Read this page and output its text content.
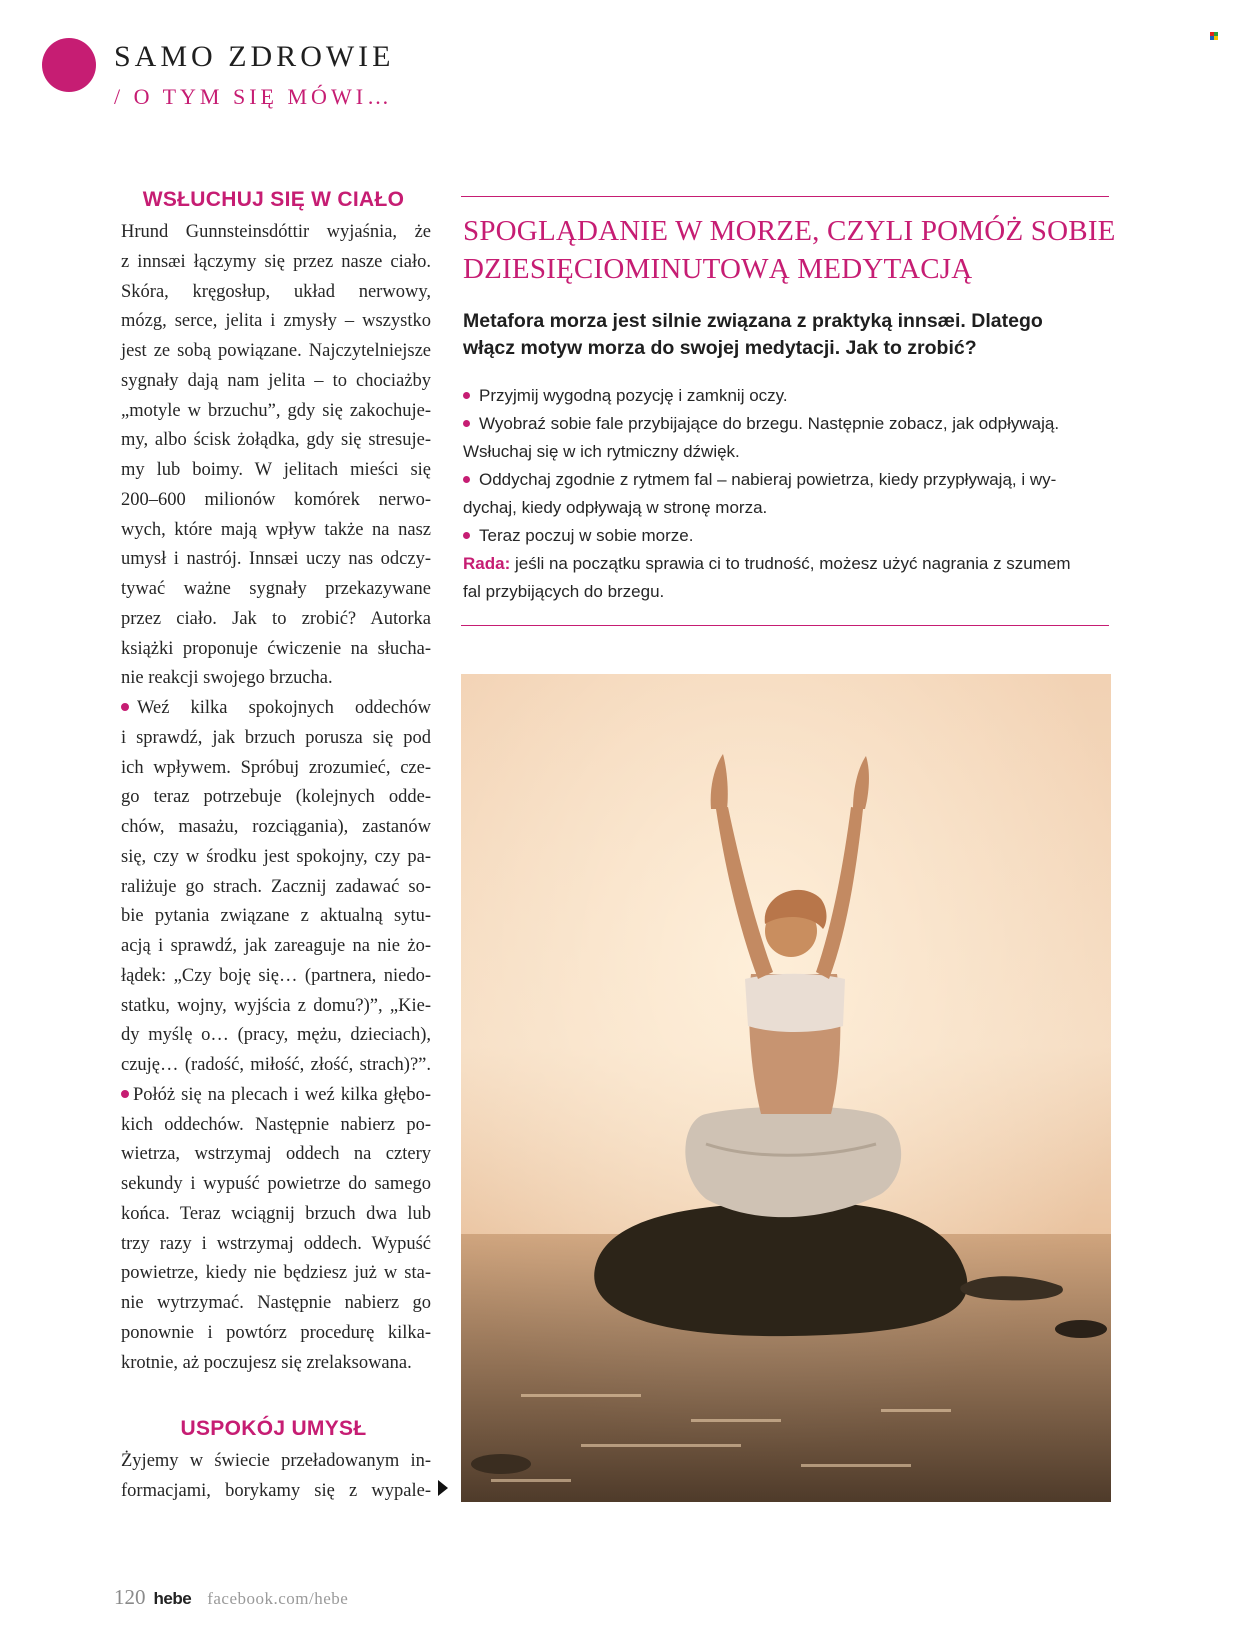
SAMO ZDROWIE
/ O TYM SIĘ MÓWI…
WSŁUCHUJ SIĘ W CIAŁO
Hrund Gunnsteinsdóttir wyjaśnia, że
z innsæi łączymy się przez nasze ciało.
Skóra, kręgosłup, układ nerwowy,
mózg, serce, jelita i zmysły – wszystko
jest ze sobą powiązane. Najczytelniejsze
sygnały dają nam jelita – to chociażby
„motyle w brzuchu”, gdy się zakochuje-
my, albo ścisk żołądka, gdy się stresuje-
my lub boimy. W jelitach mieści się
200–600 milionów komórek nerwo-
wych, które mają wpływ także na nasz
umysł i nastrój. Innsæi uczy nas odczy-
tywać ważne sygnały przekazywane
przez ciało. Jak to zrobić? Autorka
książki proponuje ćwiczenie na słucha-
nie reakcji swojego brzucha.
Weź kilka spokojnych oddechów
i sprawdź, jak brzuch porusza się pod
ich wpływem. Spróbuj zrozumieć, cze-
go teraz potrzebuje (kolejnych odde-
chów, masażu, rozciągania), zastanów
się, czy w środku jest spokojny, czy pa-
raliżuje go strach. Zacznij zadawać so-
bie pytania związane z aktualną sytu-
acją i sprawdź, jak zareaguje na nie żo-
łądek: „Czy boję się… (partnera, niedo-
statku, wojny, wyjścia z domu?)”, „Kie-
dy myślę o… (pracy, mężu, dzieciach),
czuję… (radość, miłość, złość, strach)?”.
Połóż się na plecach i weź kilka głębo-
kich oddechów. Następnie nabierz po-
wietrza, wstrzymaj oddech na cztery
sekundy i wypuść powietrze do samego
końca. Teraz wciągnij brzuch dwa lub
trzy razy i wstrzymaj oddech. Wypuść
powietrze, kiedy nie będziesz już w sta-
nie wytrzymać. Następnie nabierz go
ponownie i powtórz procedurę kilka-
krotnie, aż poczujesz się zrelaksowana.
USPOKÓJ UMYSŁ
Żyjemy w świecie przeładowanym in-
formacjami, borykamy się z wypale-
SPOGLĄDANIE W MORZE, CZYLI POMÓŻ SOBIE
DZIESIĘCIOMINUTOWĄ MEDYTACJĄ
Metafora morza jest silnie związana z praktyką innsæi. Dlatego
włącz motyw morza do swojej medytacji. Jak to zrobić?
Przyjmij wygodną pozycję i zamknij oczy.
Wyobraź sobie fale przybijające do brzegu. Następnie zobacz, jak odpływają.
Wsłuchaj się w ich rytmiczny dźwięk.
Oddychaj zgodnie z rytmem fal – nabieraj powietrza, kiedy przypływają, i wy-
dychaj, kiedy odpływają w stronę morza.
Teraz poczuj w sobie morze.
Rada: jeśli na początku sprawia ci to trudność, możesz użyć nagrania z szumem
fal przybijących do brzegu.
120 hebe facebook.com/hebe
